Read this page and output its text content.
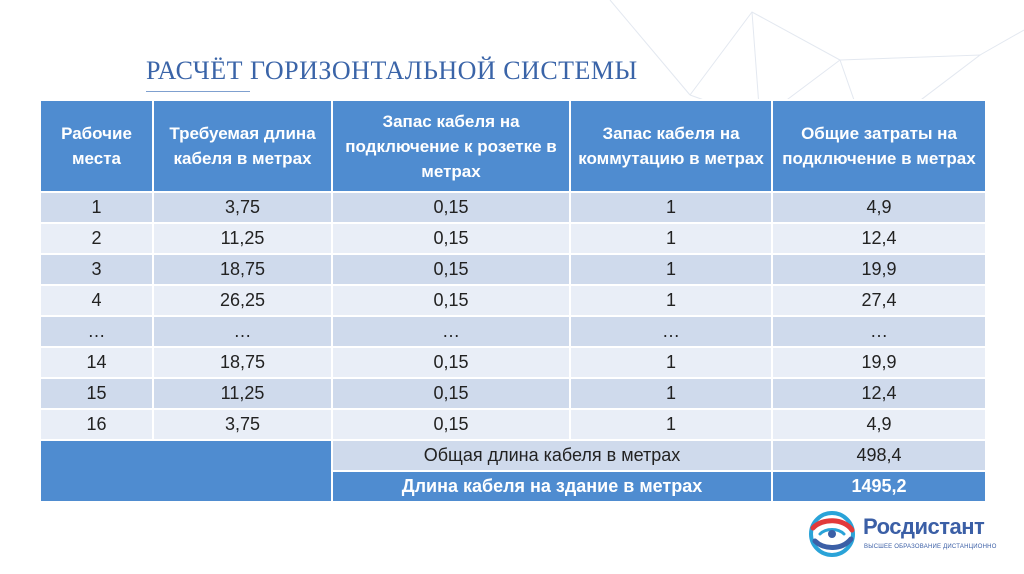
РАСЧЁТ ГОРИЗОНТАЛЬНОЙ СИСТЕМЫ
Рабочие места	Требуемая длина кабеля в метрах	Запас кабеля на подключение к розетке в метрах	Запас кабеля на коммутацию в метрах	Общие затраты на подключение в метрах
1	3,75	0,15	1	4,9
2	11,25	0,15	1	12,4
3	18,75	0,15	1	19,9
4	26,25	0,15	1	27,4
…	…	…	…	…
14	18,75	0,15	1	19,9
15	11,25	0,15	1	12,4
16	3,75	0,15	1	4,9
		Общая длина кабеля в метрах		498,4
		Длина кабеля на здание в метрах		1495,2
Росдистант
ВЫСШЕЕ ОБРАЗОВАНИЕ ДИСТАНЦИОННО
